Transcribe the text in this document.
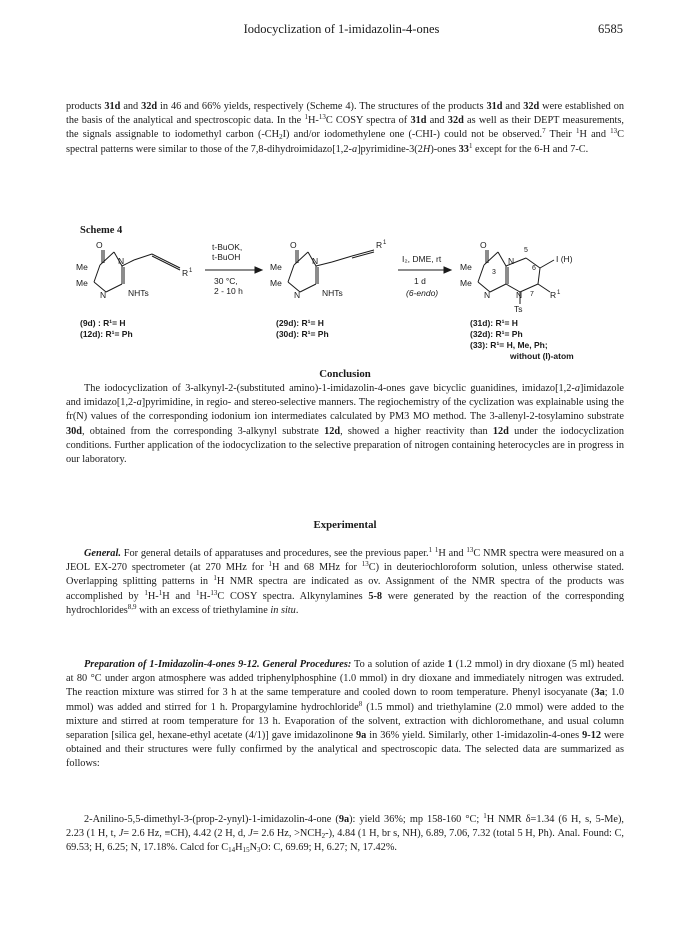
Iodocyclization of 1-imidazolin-4-ones	6585

products 31d and 32d in 46 and 66% yields, respectively (Scheme 4). The structures of the products 31d and 32d were established on the basis of the analytical and spectroscopic data. In the $^1$H-$^{13}$C COSY spectra of 31d and 32d as well as their DEPT measurements, the signals assignable to iodomethyl carbon $(-CH_2I)$ and/or iodomethylene one (-CHI-) could not be observed.$^7$ Their $^1$H and $^{13}$C spectral patterns were similar to those of the 7,8-dihydroimidazo[1,2-a]pyrimidine-3(2H)-ones $33^1$ except for the 6-H and 7-C.

Scheme 4
O
Me
Me
N
N	NHTs
R 1
t-BuOK,
t-BuOH
30 °C,
2 - 10 h
O
Me
Me
N
N	NHTs
R 1
I₂, DME, rt
1 d
(6-endo)
O
5
I (H)
Me
3
N
6
Me
N	N 7 R 1
Ts
(9d) : R¹= H
(12d): R¹= Ph
(29d): R¹= H
(30d): R¹= Ph
(31d): R¹= H
(32d): R¹= Ph
(33): R¹= H, Me, Ph;
without (I)-atom
Conclusion

The iodocyclization of 3-alkynyl-2-(substituted amino)-1-imidazolin-4-ones gave bicyclic guanidines, imidazo[1,2-a]imidazole and imidazo[1,2-a]pyrimidine, in regio- and stereo-selective manners. The regiochemistry of the cyclization was explainable using the fr(N) values of the corresponding iodonium ion intermediates calculated by PM3 MO method. The 3-allenyl-2-tosylamino substrate 30d, obtained from the corresponding 3-alkynyl substrate 12d, showed a higher reactivity than 12d under the iodocyclization conditions. Further application of the iodocyclization to the selective preparation of nitrogen containing heterocycles are in progress in our laboratory.

Experimental

General. For general details of apparatuses and procedures, see the previous paper.$^1$ $^1$H and $^{13}$C NMR spectra were measured on a JEOL EX-270 spectrometer (at 270 MHz for $^1$H and 68 MHz for $^{13}$C) in deuteriochloroform solution, unless otherwise stated. Overlapping splitting patterns in $^1$H NMR spectra are indicated as ov. Assignment of the NMR spectra of the products was accomplished by $^1$H-$^1$H and $^1$H-$^{13}$C COSY spectra. Alkynylamines 5-8 were generated by the reaction of the corresponding hydrochlorides$^{8,9}$ with an excess of triethylamine in situ.

Preparation of 1-Imidazolin-4-ones 9-12. General Procedures: To a solution of azide 1 (1.2 mmol) in dry dioxane (5 ml) heated at 80 °C under argon atmosphere was added triphenylphosphine (1.0 mmol) in dry dioxane and immediately nitrogen was extruded. The reaction mixture was stirred for 3 h at the same temperature and cooled down to room temperature. Phenyl isocyanate (3a; 1.0 mmol) was added and stirred for 1 h. Propargylamine hydrochloride$^8$ (1.5 mmol) and triethylamine (2.0 mmol) were added to the mixture and stirred at room temperature for 13 h. Evaporation of the solvent, extraction with dichloromethane, and usual column separation [silica gel, hexane-ethyl acetate (4/1)] gave imidazolinone 9a in 36% yield. Similarly, other 1-imidazolin-4-ones 9-12 were obtained and their structures were fully confirmed by the analytical and spectroscopic data. The selected data are summarized as follows:

2-Anilino-5,5-dimethyl-3-(prop-2-ynyl)-1-imidazolin-4-one (9a): yield 36%; mp 158-160 °C; $^1$H NMR δ=1.34 (6 H, s, 5-Me), 2.23 (1 H, t, J= 2.6 Hz, ≡CH), 4.42 (2 H, d, J= 2.6 Hz, $>NCH_2-$), 4.84 (1 H, br s, NH), 6.89, 7.06, 7.32 (total 5 H, Ph). Anal. Found: C, 69.53; H, 6.25; N, 17.18%. Calcd for $C_{14}H_{15}N_3O$: C, 69.69; H, 6.27; N, 17.42%.
